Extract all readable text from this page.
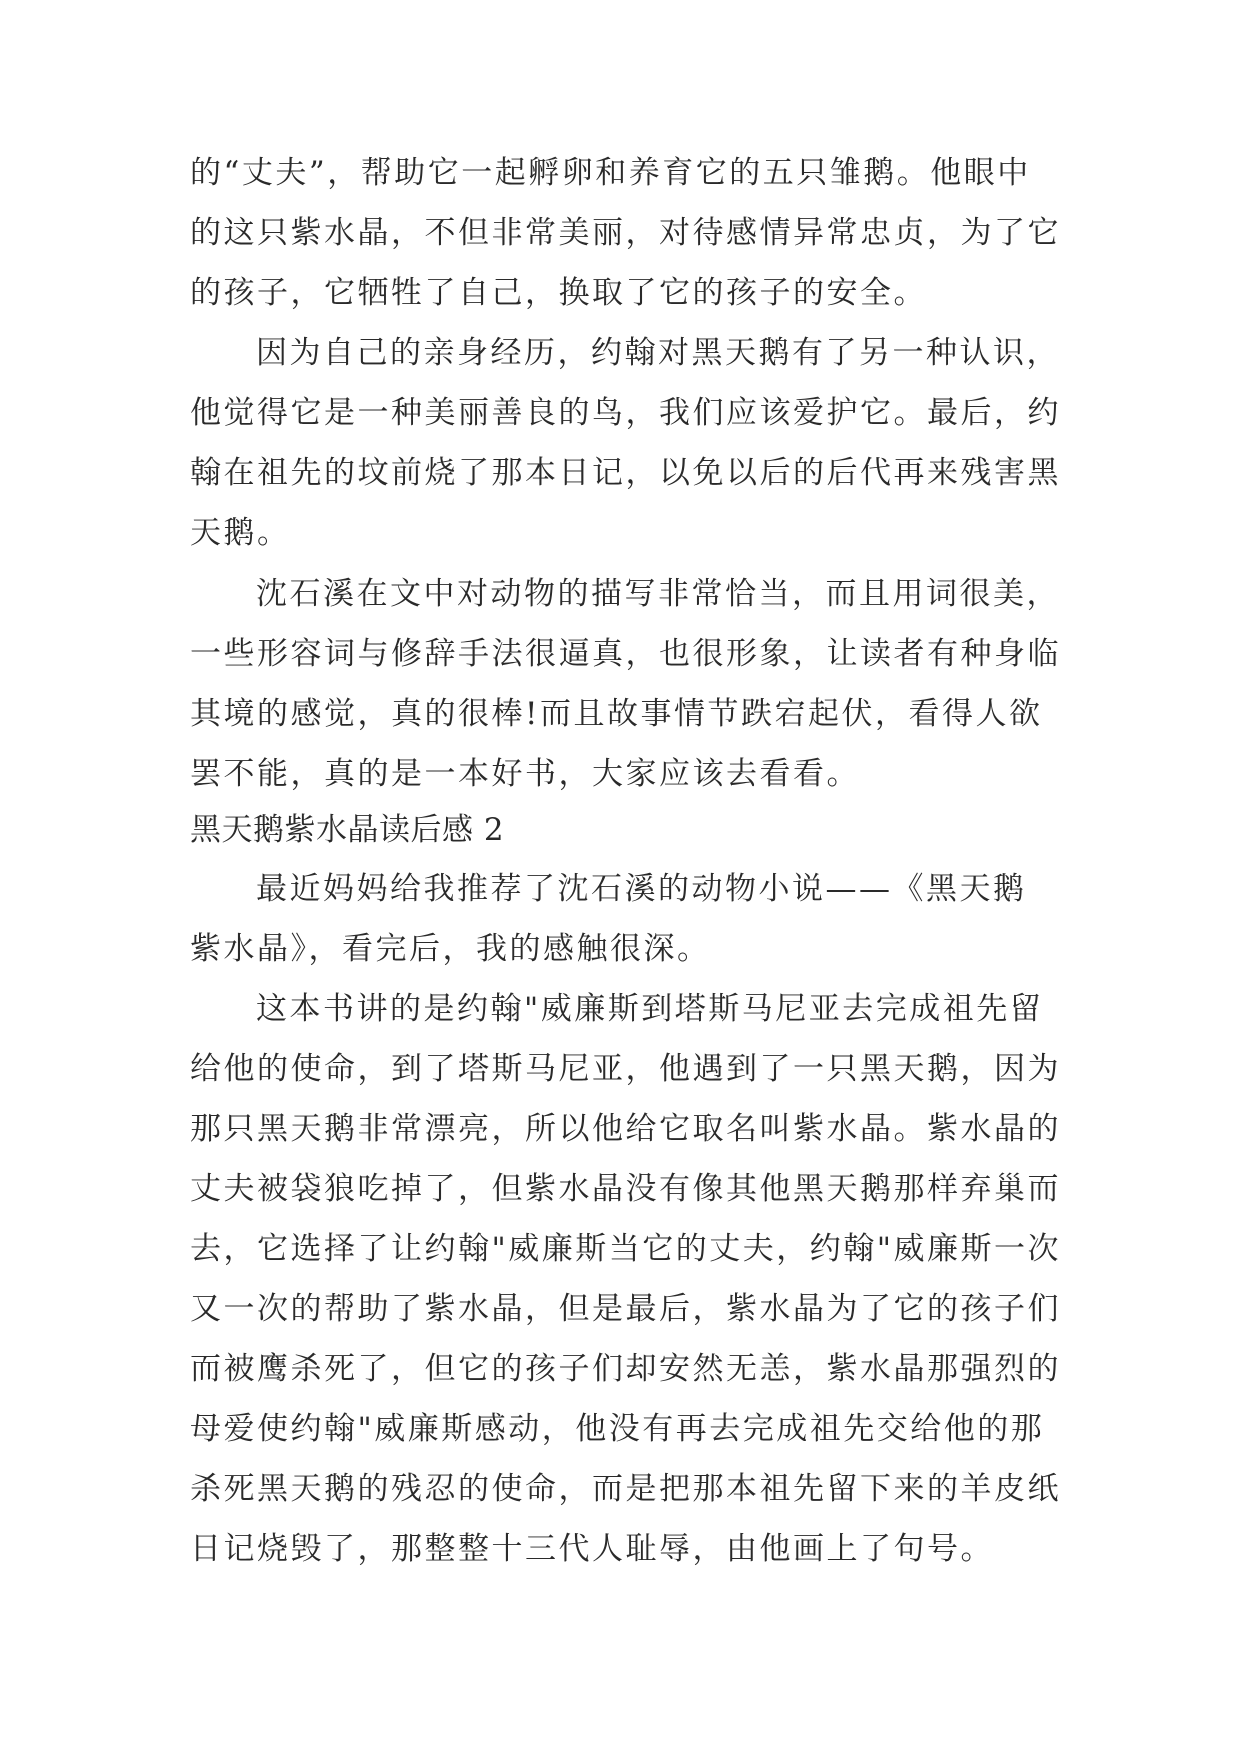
的“丈夫”，帮助它一起孵卵和养育它的五只雏鹅。他眼中

的这只紫水晶，不但非常美丽，对待感情异常忠贞，为了它

的孩子，它牺牲了自己，换取了它的孩子的安全。

因为自己的亲身经历，约翰对黑天鹅有了另一种认识，

他觉得它是一种美丽善良的鸟，我们应该爱护它。最后，约

翰在祖先的坟前烧了那本日记，以免以后的后代再来残害黑

天鹅。

沈石溪在文中对动物的描写非常恰当，而且用词很美，

一些形容词与修辞手法很逼真，也很形象，让读者有种身临

其境的感觉，真的很棒!而且故事情节跌宕起伏，看得人欲

罢不能，真的是一本好书，大家应该去看看。

黑天鹅紫水晶读后感 2

最近妈妈给我推荐了沈石溪的动物小说——《黑天鹅

紫水晶》，看完后，我的感触很深。

这本书讲的是约翰"威廉斯到塔斯马尼亚去完成祖先留

给他的使命，到了塔斯马尼亚，他遇到了一只黑天鹅，因为

那只黑天鹅非常漂亮，所以他给它取名叫紫水晶。紫水晶的

丈夫被袋狼吃掉了，但紫水晶没有像其他黑天鹅那样弃巢而

去，它选择了让约翰"威廉斯当它的丈夫，约翰"威廉斯一次

又一次的帮助了紫水晶，但是最后，紫水晶为了它的孩子们

而被鹰杀死了，但它的孩子们却安然无恙，紫水晶那强烈的

母爱使约翰"威廉斯感动，他没有再去完成祖先交给他的那

杀死黑天鹅的残忍的使命，而是把那本祖先留下来的羊皮纸

日记烧毁了，那整整十三代人耻辱，由他画上了句号。
